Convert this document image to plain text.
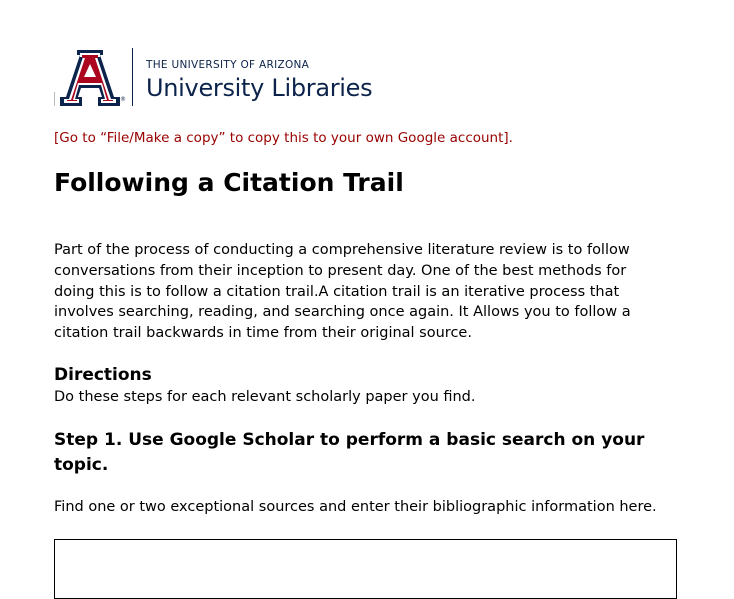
®
THE UNIVERSITY OF ARIZONA
University Libraries
[Go to “File/Make a copy” to copy this to your own Google account].
Following a Citation Trail

Part of the process of conducting a comprehensive literature review is to follow conversations from their inception to present day. One of the best methods for doing this is to follow a citation trail.A citation trail is an iterative process that involves searching, reading, and searching once again. It Allows you to follow a citation trail backwards in time from their original source.

Directions

Do these steps for each relevant scholarly paper you find.

Step 1. Use Google Scholar to perform a basic search on your topic.

Find one or two exceptional sources and enter their bibliographic information here.
